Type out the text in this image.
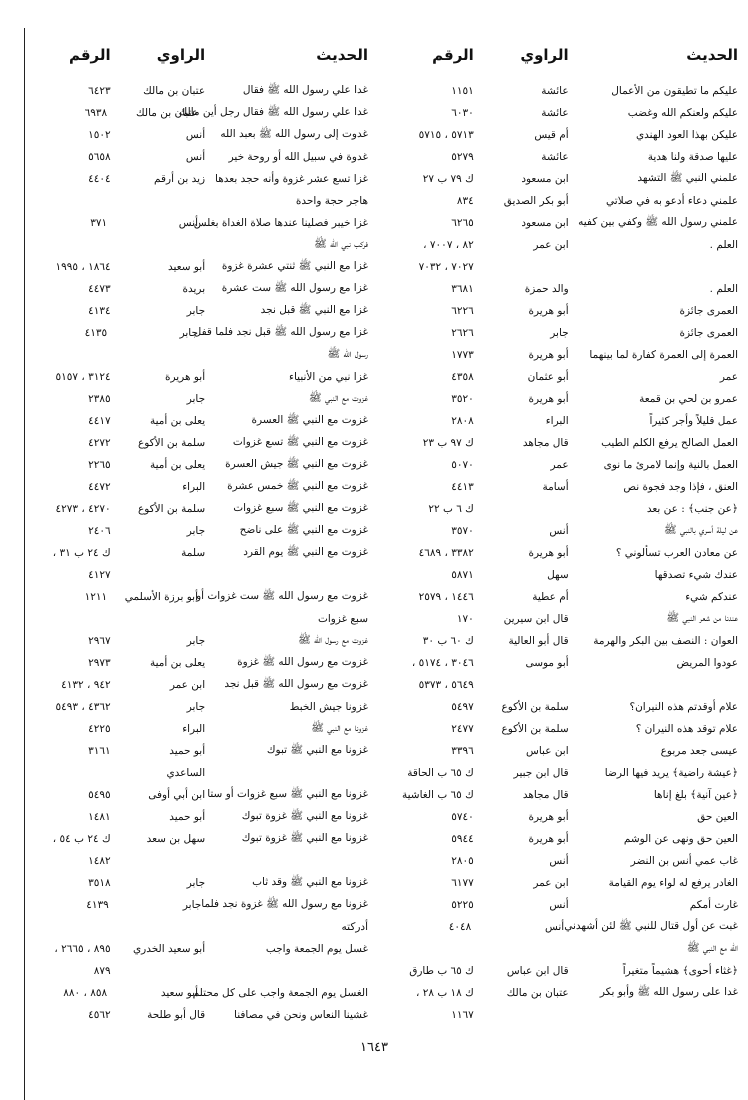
الحديث
الراوي
الرقم
عليكم ما تطيقون من الأعمال
عائشة
١١٥١
عليكم ولعنكم الله وغضب
عائشة
٦٠٣٠
عليكن بهذا العود الهندي
أم قيس
٥٧١٣ ، ٥٧١٥
عليها صدقة ولنا هدية
عائشة
٥٢٧٩
علمني النبي ﷺ التشهد
ابن مسعود
ك ٧٩ ب ٢٧
علمني دعاء أدعو به في صلاتي
أبو بكر الصديق
٨٣٤
علمني رسول الله ﷺ وكفي بين كفيه
ابن مسعود
٦٢٦٥
العلم .
ابن عمر
٨٢ ، ٧٠٠٧ ،
٧٠٢٧ ، ٧٠٣٢
العلم .
والد حمزة
٣٦٨١
العمرى جائزة
أبو هريرة
٦٢٢٦
العمرى جائزة
جابر
٢٦٢٦
العمرة إلى العمرة كفارة لما بينهما
أبو هريرة
١٧٧٣
عمر
أبو عثمان
٤٣٥٨
عمرو بن لحي بن قمعة
أبو هريرة
٣٥٢٠
عمل قليلاً وأجر كثيراً
البراء
٢٨٠٨
العمل الصالح يرفع الكلم الطيب
قال مجاهد
ك ٩٧ ب ٢٣
العمل بالنية وإنما لامرئ ما نوى
عمر
٥٠٧٠
العنق ، فإذا وجد فجوة نص
أسامة
٤٤١٣
﴿عن جنب﴾ : عن بعد
ك ٦ ب ٢٢
عن ليلة أسري بالنبي ﷺ
أنس
٣٥٧٠
عن معادن العرب تسألوني ؟
أبو هريرة
٣٣٨٢ ، ٤٦٨٩
عندك شيء تصدقها
سهل
٥٨٧١
عندكم شيء
أم عطية
١٤٤٦ ، ٢٥٧٩
عندنا من شعر النبي ﷺ
قال ابن سيرين
١٧٠
العوان : النصف بين البكر والهرمة
قال أبو العالية
ك ٦٠ ب ٣٠
عودوا المريض
أبو موسى
٣٠٤٦ ، ٥١٧٤ ،
٥٦٤٩ ، ٥٣٧٣
علام أوقدتم هذه النيران؟
سلمة بن الأكوع
٥٤٩٧
علام توقد هذه النيران ؟
سلمة بن الأكوع
٢٤٧٧
عيسى جعد مربوع
ابن عباس
٣٣٩٦
﴿عيشة راضية﴾ يريد فيها الرضا
قال ابن جبير
ك ٦٥ ب الحاقة
﴿عين آنية﴾ بلغ إناها
قال مجاهد
ك ٦٥ ب الغاشية
العين حق
أبو هريرة
٥٧٤٠
العين حق ونهى عن الوشم
أبو هريرة
٥٩٤٤
غاب عمي أنس بن النضر
أنس
٢٨٠٥
الغادر يرفع له لواء يوم القيامة
ابن عمر
٦١٧٧
غارت أمكم
أنس
٥٢٢٥
غبت عن أول قتال للنبي ﷺ لئن أشهدني
أنس
٤٠٤٨
الله مع النبي ﷺ
﴿غثاء أحوى﴾ هشيماً متغيراً
قال ابن عباس
ك ٦٥ ب طارق
غدا على رسول الله ﷺ وأبو بكر
عتبان بن مالك
ك ١٨ ب ٢٨ ،
١١٦٧
الحديث
الراوي
الرقم
غدا علي رسول الله ﷺ فقال
عتبان بن مالك
٦٤٢٣
غدا علي رسول الله ﷺ فقال رجل أين مالك
عتبان بن مالك
٦٩٣٨
غدوت إلى رسول الله ﷺ بعبد الله
أنس
١٥٠٢
غدوة في سبيل الله أو روحة خير
أنس
٥٦٥٨
غزا تسع عشر غزوة وأنه حجد بعدها
زيد بن أرقم
٤٤٠٤
هاجر حجة واحدة
غزا خيبر فصلينا عندها صلاة الغداة بغلس
أنس
٣٧١
فركب نبي الله ﷺ
غزا مع النبي ﷺ ثنتي عشرة غزوة
أبو سعيد
١٨٦٤ ، ١٩٩٥
غزا مع رسول الله ﷺ ست عشرة
بريدة
٤٤٧٣
غزا مع النبي ﷺ قبل نجد
جابر
٤١٣٤
غزا مع رسول الله ﷺ قبل نجد فلما قفل
جابر
٤١٣٥
رسول الله ﷺ
غزا نبي من الأنبياء
أبو هريرة
٣١٢٤ ، ٥١٥٧
غزوت مع النبي ﷺ
جابر
٢٣٨٥
غزوت مع النبي ﷺ العسرة
يعلى بن أمية
٤٤١٧
غزوت مع النبي ﷺ تسع غزوات
سلمة بن الأكوع
٤٢٧٢
غزوت مع النبي ﷺ جيش العسرة
يعلى بن أمية
٢٢٦٥
غزوت مع النبي ﷺ خمس عشرة
البراء
٤٤٧٢
غزوت مع النبي ﷺ سبع غزوات
سلمة بن الأكوع
٤٢٧٠ ، ٤٢٧٣
غزوت مع النبي ﷺ على ناضح
جابر
٢٤٠٦
غزوت مع النبي ﷺ يوم القرد
سلمة
ك ٢٤ ب ٣١ ،
٤١٢٧
غزوت مع رسول الله ﷺ ست غزوات أو
أبو برزة الأسلمي
١٢١١
سبع غزوات
غزوت مع رسول الله ﷺ
جابر
٢٩٦٧
غزوت مع رسول الله ﷺ غزوة
يعلى بن أمية
٢٩٧٣
غزوت مع رسول الله ﷺ قبل نجد
ابن عمر
٩٤٢ ، ٤١٣٢
غزونا جيش الخبط
جابر
٤٣٦٢ ، ٥٤٩٣
غزونا مع النبي ﷺ
البراء
٤٢٢٥
غزونا مع النبي ﷺ تبوك
أبو حميد
٣١٦١
الساعدي
غزونا مع النبي ﷺ سبع غزوات أو ستا
ابن أبي أوفى
٥٤٩٥
غزونا مع النبي ﷺ غزوة تبوك
أبو حميد
١٤٨١
غزونا مع النبي ﷺ غزوة تبوك
سهل بن سعد
ك ٢٤ ب ٥٤ ،
١٤٨٢
غزونا مع النبي ﷺ وقد ثاب
جابر
٣٥١٨
غزونا مع رسول الله ﷺ غزوة نجد فلما
جابر
٤١٣٩
أدركته
غسل يوم الجمعة واجب
أبو سعيد الخدري
٨٩٥ ، ٢٦٦٥ ،
٨٧٩
الغسل يوم الجمعة واجب على كل محتلم
أبو سعيد
٨٥٨ ، ٨٨٠
غشينا النعاس ونحن في مصافنا
قال أبو طلحة
٤٥٦٢
١٦٤٣
